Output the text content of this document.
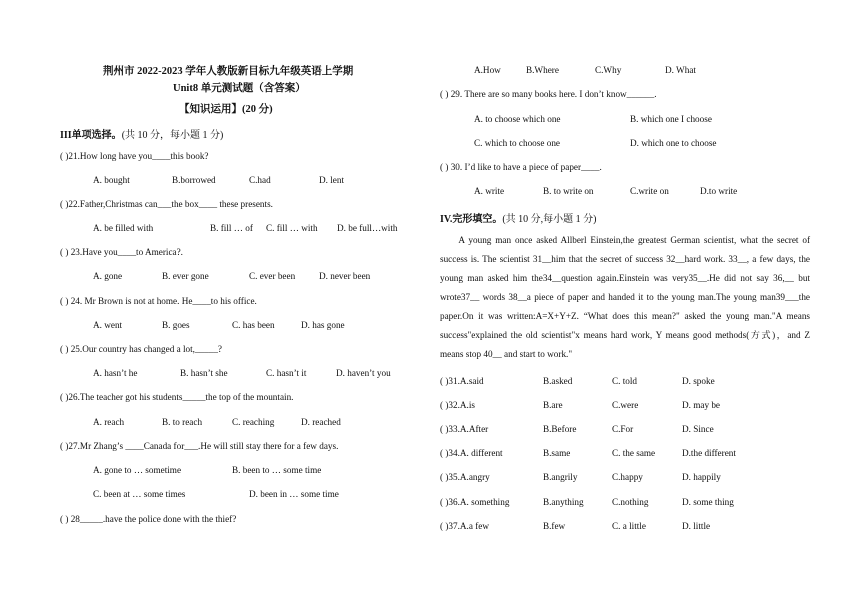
荆州市 2022-2023 学年人教版新目标九年级英语上学期
Unit8 单元测试题（含答案）
【知识运用】(20 分)
III单项选择。(共 10 分，每小题 1 分)
( )21.How long have you____this book?
A. bought	B.borrowed	C.had	D. lent
( )22.Father,Christmas can___the box____ these presents.
A. be filled with	B. fill … of C. fill … with D. be full…with
( ) 23.Have you____to America?.
A. gone	B. ever gone	C. ever been	D. never been
( ) 24. Mr Brown is not at home. He____to his office.
A. went	B. goes	C. has been	D. has gone
( ) 25.Our country has changed a lot,_____?
A. hasn’t he	B. hasn’t she	C. hasn’t it	D. haven’t you
( )26.The teacher got his students_____the top of the mountain.
A. reach	B. to reach	C. reaching	D. reached
( )27.Mr Zhang’s ____Canada for___.He will still stay there for a few days.
A. gone to … sometime	B. been to … some time
C. been at … some times	D. been in … some time
( ) 28_____.have the police done with the thief?
A.How	B.Where	C.Why	D. What
( ) 29. There are so many books here. I don’t know______.
A. to choose which one	B. which one I choose
C. which to choose one	D. which one to choose
( ) 30. I’d like to have a piece of paper____.
A. write	B. to write on	C.write on	D.to write
IV.完形填空。(共 10 分,每小题 1 分)

A young man once asked Allberl Einstein,the greatest German scientist, what the secret of success is. The scientist 31__him that the secret of success 32__hard work. 33__, a few days, the young man asked him the34__question again.Einstein was very35__.He did not say 36,__ but wrote37__ words 38__a piece of paper and handed it to the young man.The young man39___the paper.On it was written:A=X+Y+Z. “What does this mean?" asked the young man."A means success"explained the old scientist"x means hard work, Y means good methods(方式)，and Z means stop 40__ and start to work."

( )31.A.said	B.asked	C. told	D. spoke
( )32.A.is	B.are	C.were	D. may be
( )33.A.After	B.Before	C.For	D. Since
( )34.A. different	B.same	C. the same	D.the different
( )35.A.angry	B.angrily	C.happy	D. happily
( )36.A. something	B.anything	C.nothing	D. some thing
( )37.A.a few	B.few	C. a little	D. little
